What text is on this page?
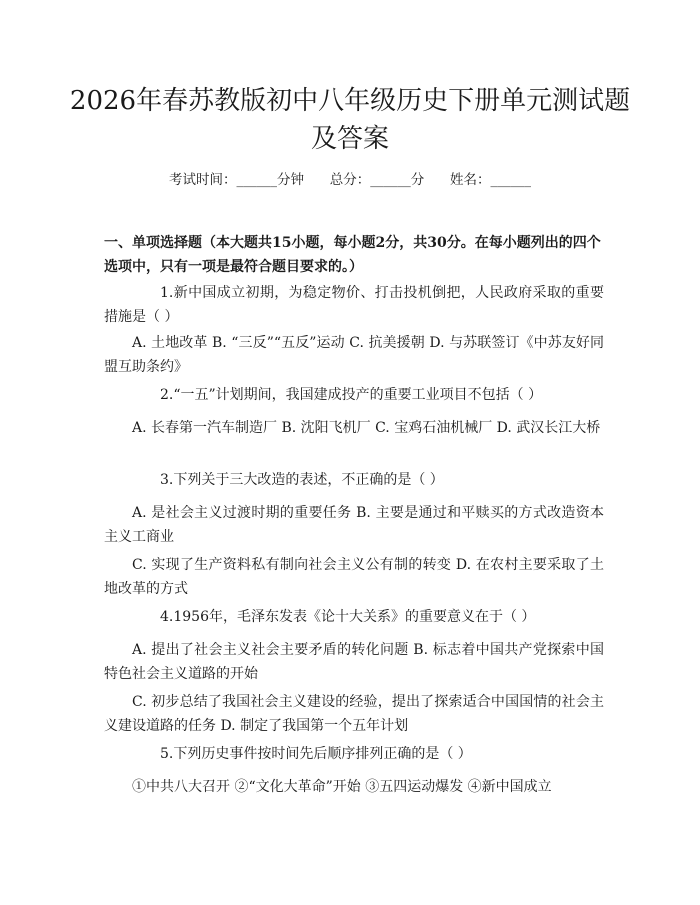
2026年春苏教版初中八年级历史下册单元测试题及答案
考试时间：______分钟      总分：______分      姓名：______

一、单项选择题（本大题共15小题，每小题2分，共30分。在每小题列出的四个选项中，只有一项是最符合题目要求的。）

1.新中国成立初期，为稳定物价、打击投机倒把，人民政府采取的重要措施是（ ）

A. 土地改革 B. “三反”“五反”运动 C. 抗美援朝 D. 与苏联签订《中苏友好同盟互助条约》

2.“一五”计划期间，我国建成投产的重要工业项目不包括（ ）

A. 长春第一汽车制造厂 B. 沈阳飞机厂 C. 宝鸡石油机械厂 D. 武汉长江大桥

3.下列关于三大改造的表述，不正确的是（ ）

A. 是社会主义过渡时期的重要任务 B. 主要是通过和平赎买的方式改造资本主义工商业

C. 实现了生产资料私有制向社会主义公有制的转变 D. 在农村主要采取了土地改革的方式

4.1956年，毛泽东发表《论十大关系》的重要意义在于（ ）

A. 提出了社会主义社会主要矛盾的转化问题 B. 标志着中国共产党探索中国特色社会主义道路的开始

C. 初步总结了我国社会主义建设的经验，提出了探索适合中国国情的社会主义建设道路的任务 D. 制定了我国第一个五年计划

5.下列历史事件按时间先后顺序排列正确的是（ ）

①中共八大召开 ②“文化大革命”开始 ③五四运动爆发 ④新中国成立
